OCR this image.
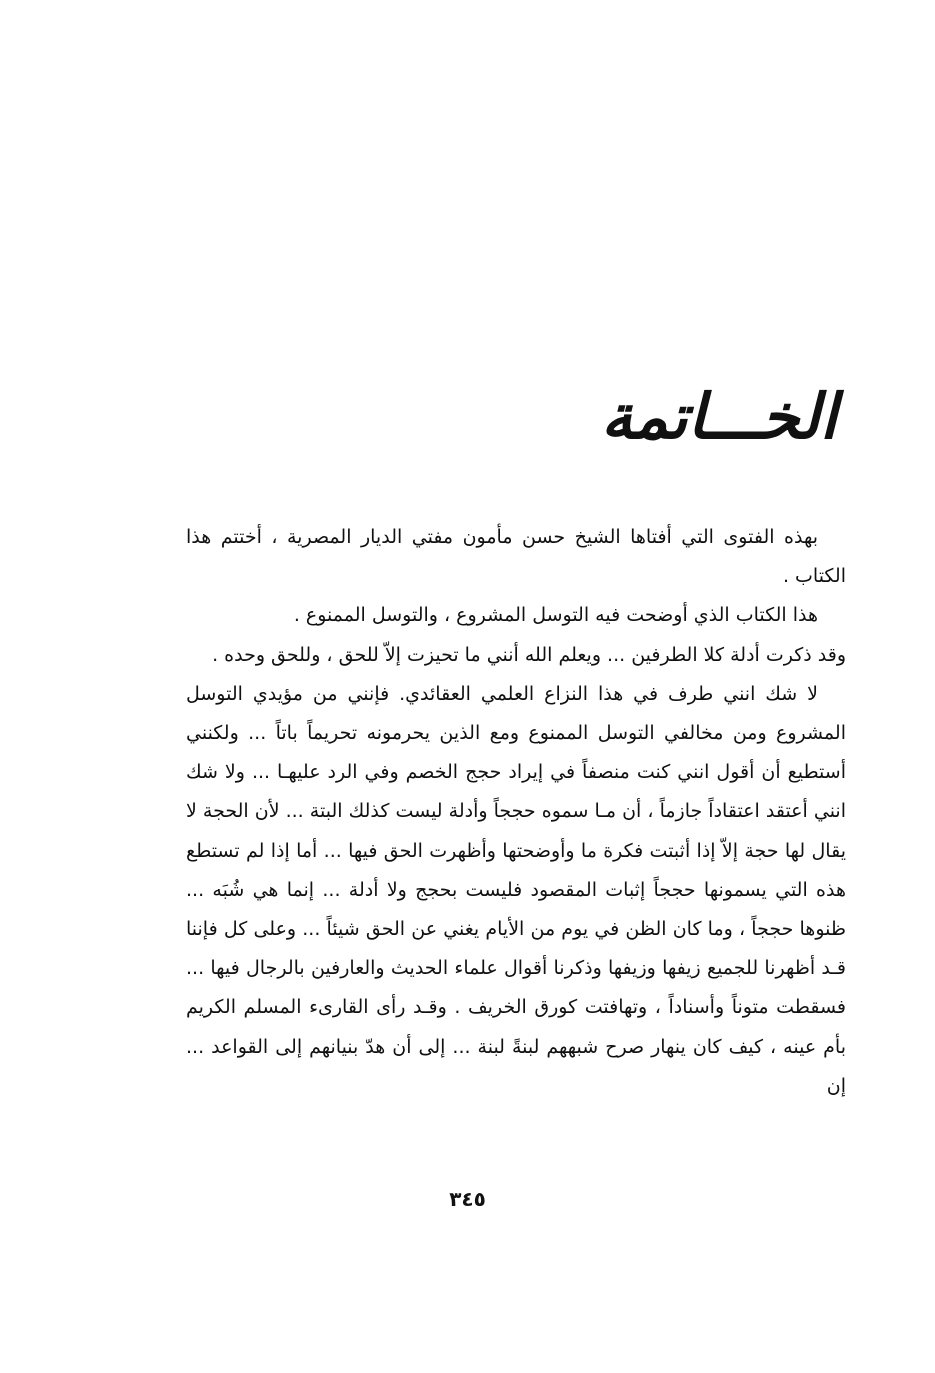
الخـــاتمة

بهذه الفتوى التي أفتاها الشيخ حسن مأمون مفتي الديار المصرية ، أختتم هذا الكتاب .

هذا الكتاب الذي أوضحت فيه التوسل المشروع ، والتوسل الممنوع .

وقد ذكرت أدلة كلا الطرفين ... ويعلم الله أنني ما تحيزت إلاّ للحق ، وللحق وحده .

لا شك انني طرف في هذا النزاع العلمي العقائدي. فإنني من مؤيدي التوسل المشروع ومن مخالفي التوسل الممنوع ومع الذين يحرمونه تحريماً باتاً ... ولكنني أستطيع أن أقول انني كنت منصفاً في إيراد حجج الخصم وفي الرد عليهـا ... ولا شك انني أعتقد اعتقاداً جازماً ، أن مـا سموه حججاً وأدلة ليست كذلك البتة ... لأن الحجة لا يقال لها حجة إلاّ إذا أثبتت فكرة ما وأوضحتها وأظهرت الحق فيها ... أما إذا لم تستطع هذه التي يسمونها حججاً إثبات المقصود فليست بحجج ولا أدلة ... إنما هي شُبَه ... ظنوها حججاً ، وما كان الظن في يوم من الأيام يغني عن الحق شيئاً ... وعلى كل فإننا قـد أظهرنا للجميع زيفها وزيفها وذكرنا أقوال علماء الحديث والعارفين بالرجال فيها ... فسقطت متوناً وأسناداً ، وتهافتت كورق الخريف . وقـد رأى القارىء المسلم الكريم بأم عينه ، كيف كان ينهار صرح شبههم لبنةً لبنة ... إلى أن هدّ بنيانهم إلى القواعد ... إن

٣٤٥
